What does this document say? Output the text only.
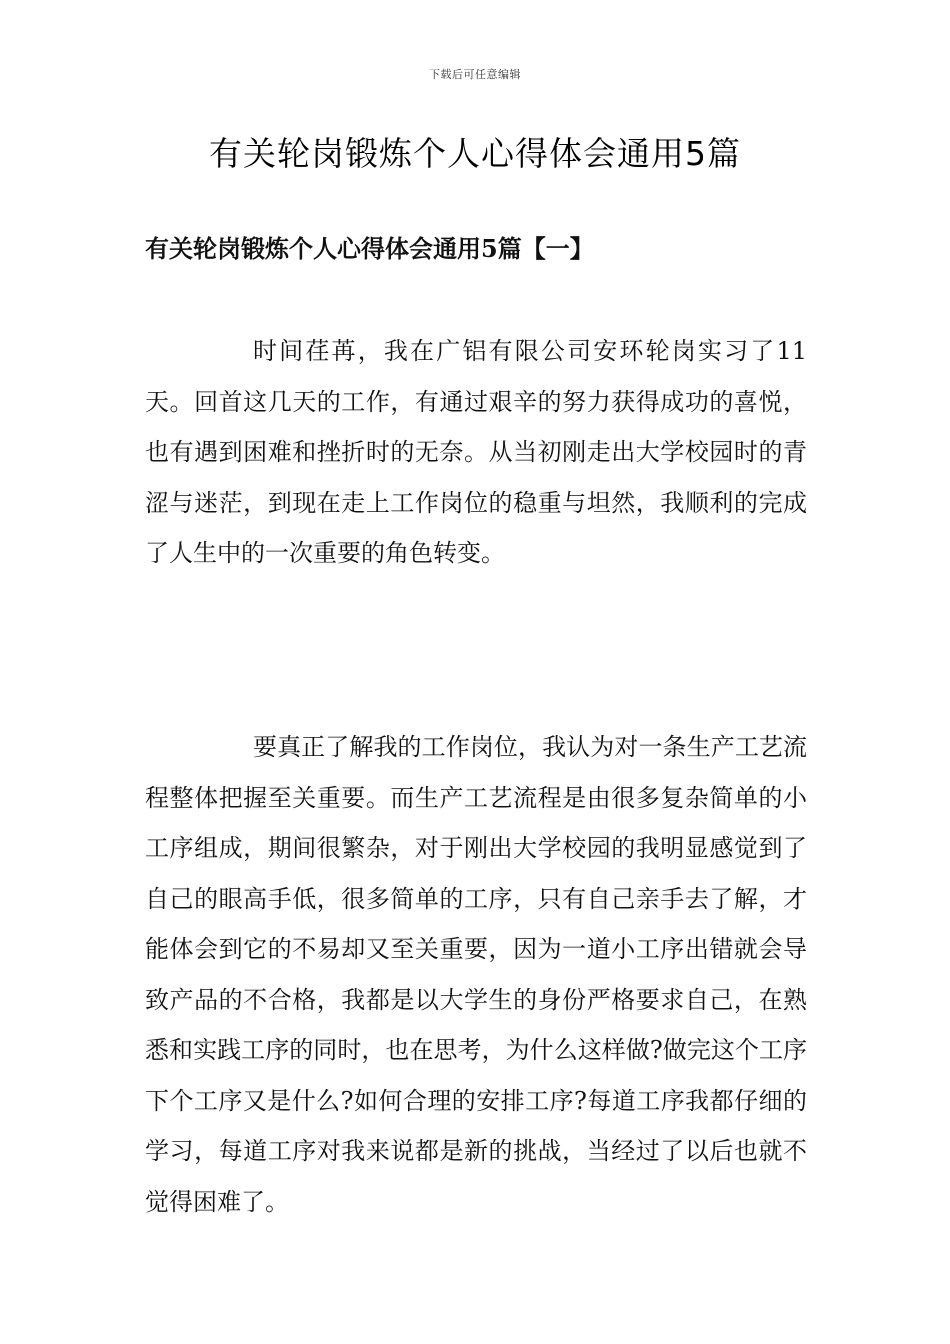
下载后可任意编辑
有关轮岗锻炼个人心得体会通用5篇
有关轮岗锻炼个人心得体会通用5篇【一】

时间荏苒，我在广铝有限公司安环轮岗实习了11天。回首这几天的工作，有通过艰辛的努力获得成功的喜悦，也有遇到困难和挫折时的无奈。从当初刚走出大学校园时的青涩与迷茫，到现在走上工作岗位的稳重与坦然，我顺利的完成了人生中的一次重要的角色转变。

要真正了解我的工作岗位，我认为对一条生产工艺流程整体把握至关重要。而生产工艺流程是由很多复杂简单的小工序组成，期间很繁杂，对于刚出大学校园的我明显感觉到了自己的眼高手低，很多简单的工序，只有自己亲手去了解，才能体会到它的不易却又至关重要，因为一道小工序出错就会导致产品的不合格，我都是以大学生的身份严格要求自己，在熟悉和实践工序的同时，也在思考，为什么这样做?做完这个工序下个工序又是什么?如何合理的安排工序?每道工序我都仔细的学习，每道工序对我来说都是新的挑战，当经过了以后也就不觉得困难了。
